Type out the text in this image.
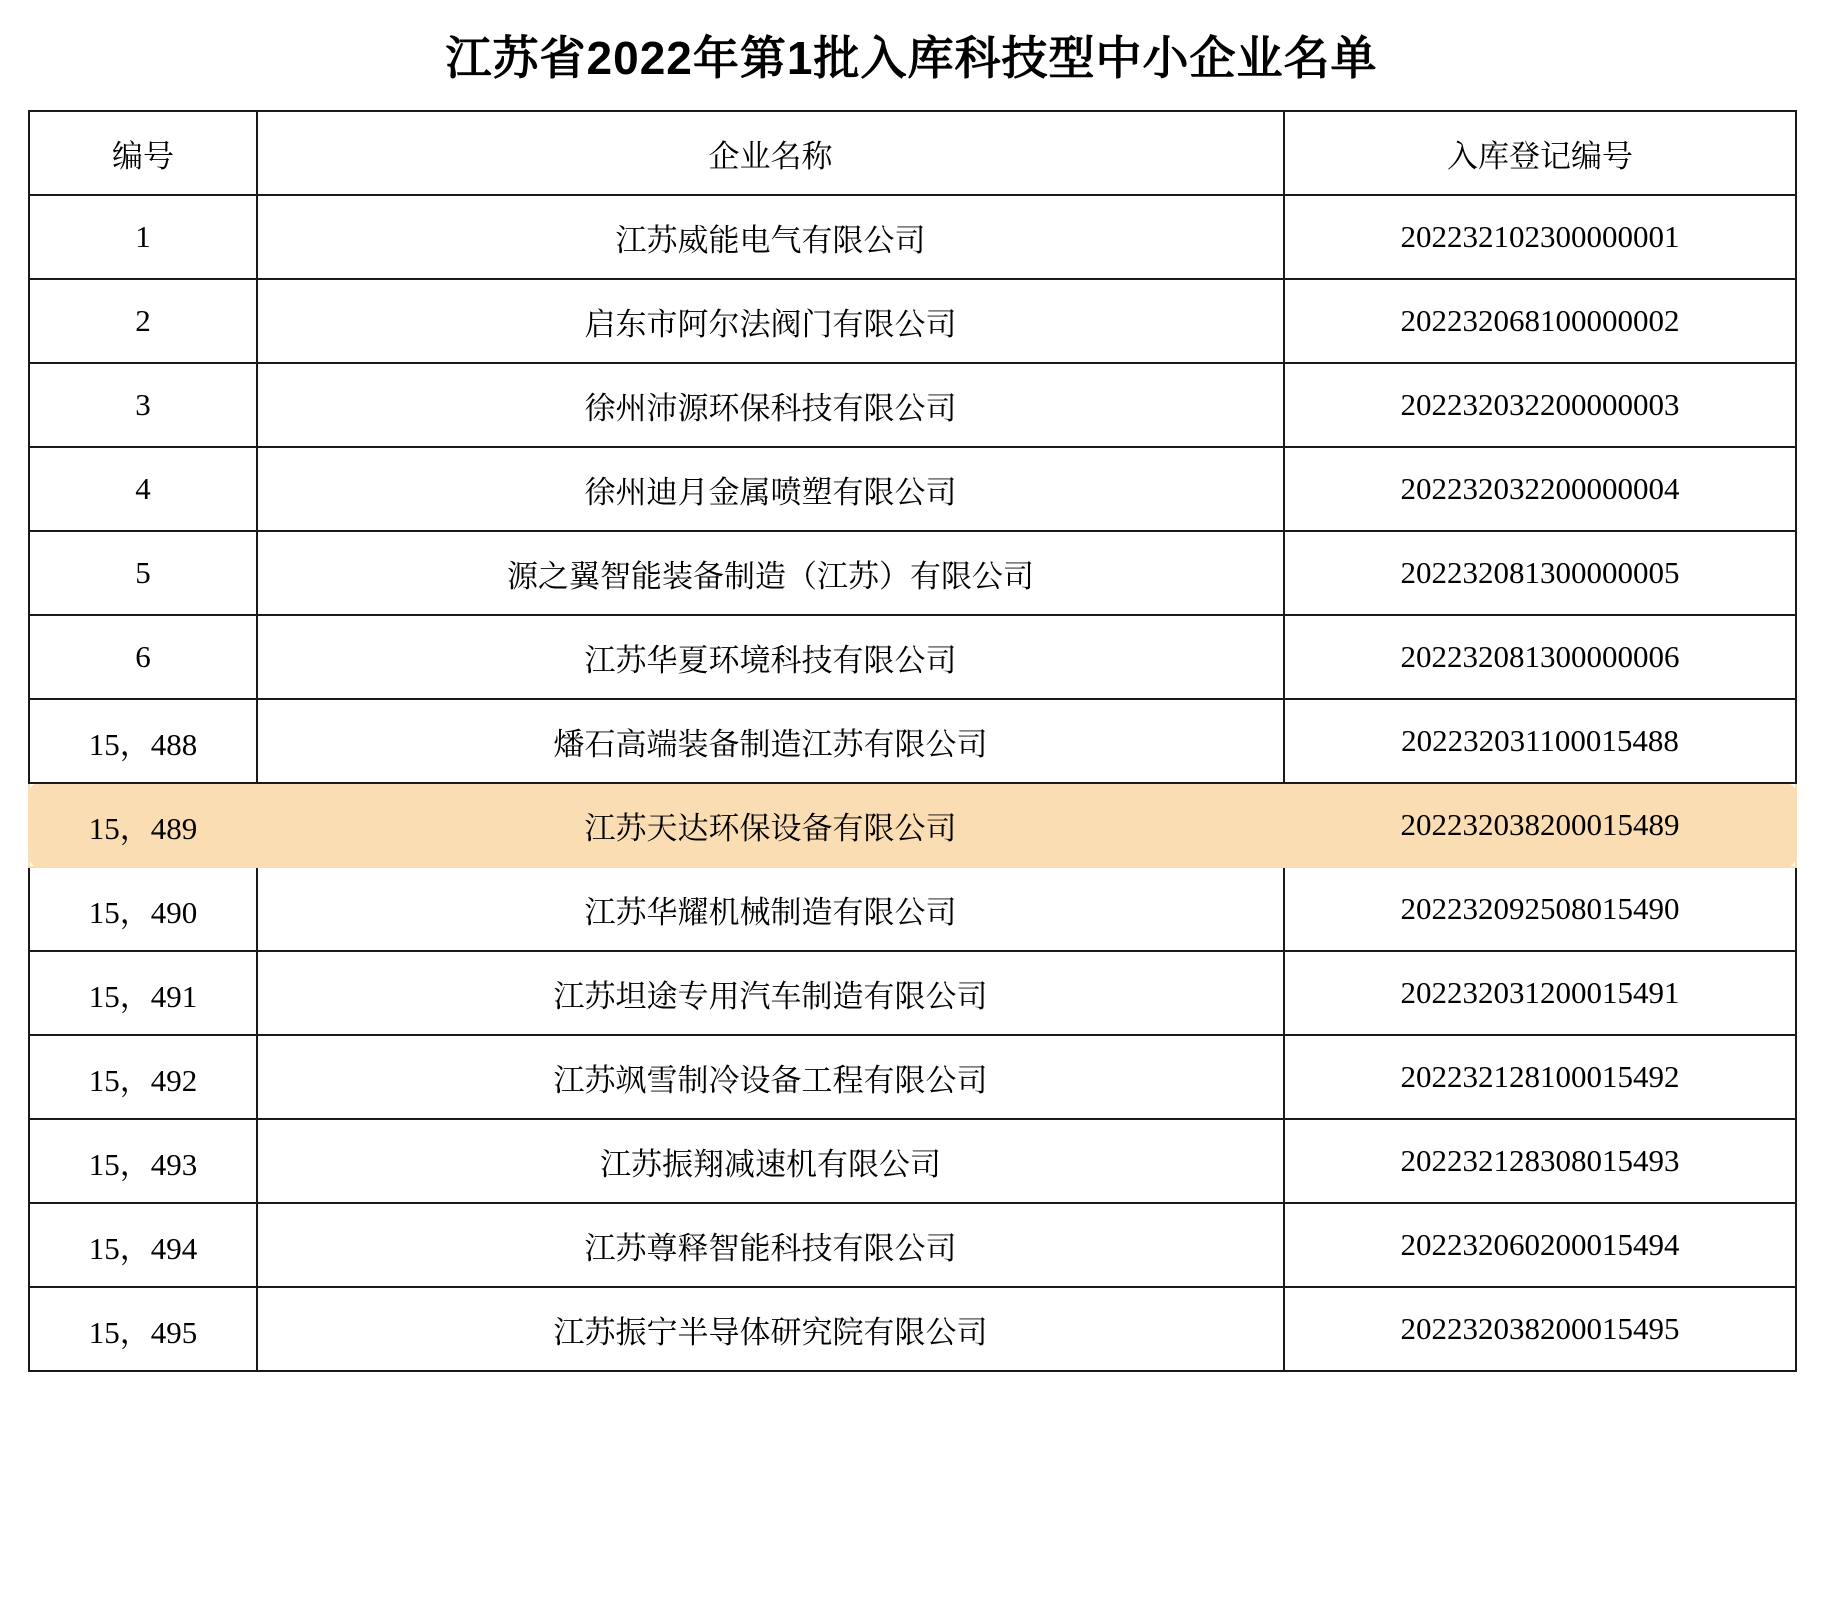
江苏省2022年第1批入库科技型中小企业名单
编号	企业名称	入库登记编号
1	江苏威能电气有限公司	202232102300000001
2	启东市阿尔法阀门有限公司	202232068100000002
3	徐州沛源环保科技有限公司	202232032200000003
4	徐州迪月金属喷塑有限公司	202232032200000004
5	源之翼智能装备制造（江苏）有限公司	202232081300000005
6	江苏华夏环境科技有限公司	202232081300000006
15，488	燔石高端装备制造江苏有限公司	202232031100015488
15，489	江苏天达环保设备有限公司	202232038200015489
15，490	江苏华耀机械制造有限公司	202232092508015490
15，491	江苏坦途专用汽车制造有限公司	202232031200015491
15，492	江苏飒雪制冷设备工程有限公司	202232128100015492
15，493	江苏振翔减速机有限公司	202232128308015493
15，494	江苏尊释智能科技有限公司	202232060200015494
15，495	江苏振宁半导体研究院有限公司	202232038200015495
